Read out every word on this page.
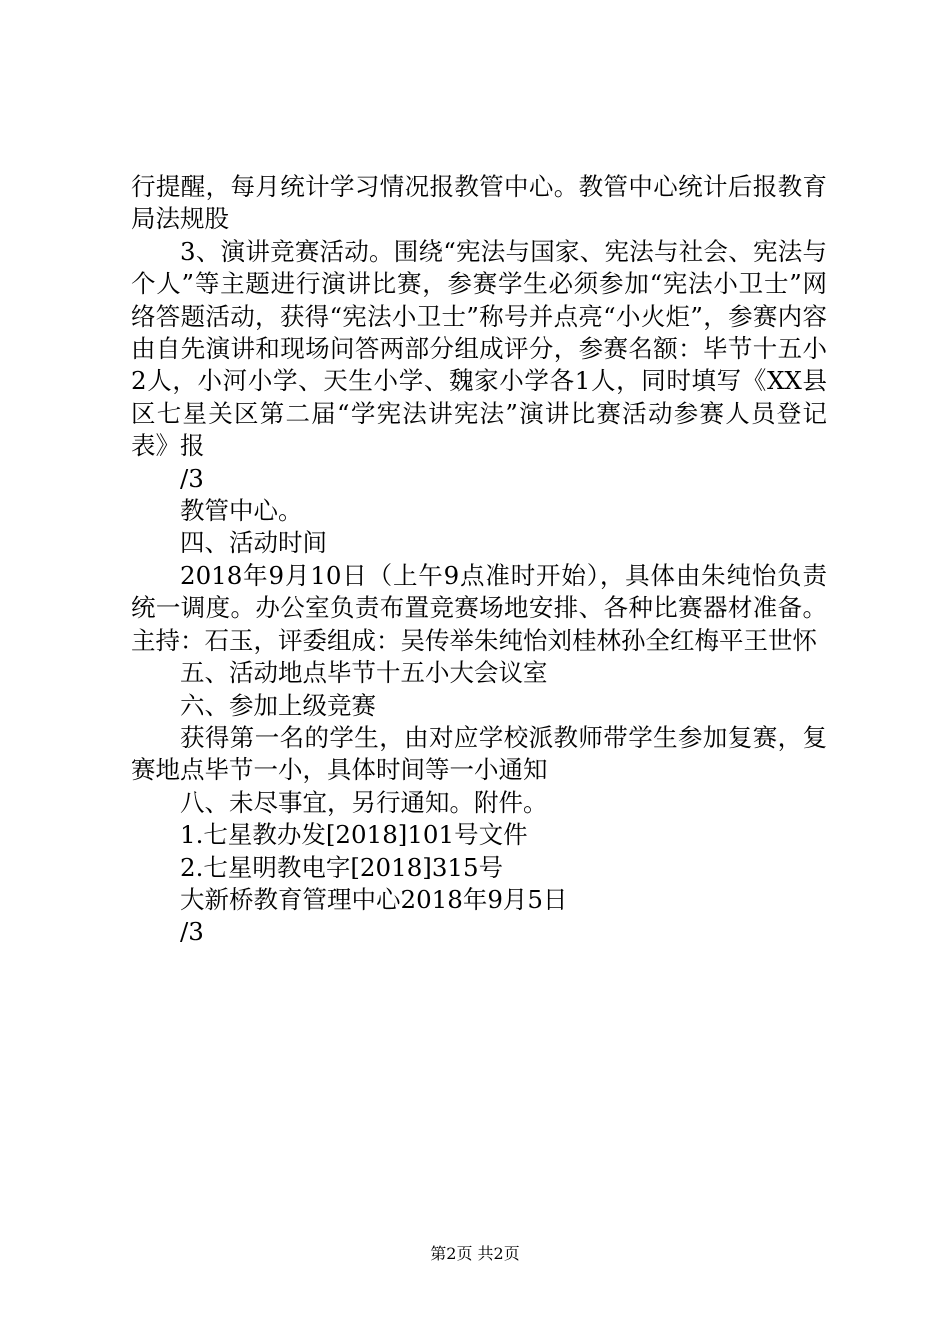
行提醒，每月统计学习情况报教管中心。教管中心统计后报教育局法规股

3、演讲竞赛活动。围绕“宪法与国家、宪法与社会、宪法与个人”等主题进行演讲比赛，参赛学生必须参加“宪法小卫士”网络答题活动，获得“宪法小卫士”称号并点亮“小火炬”，参赛内容由自先演讲和现场问答两部分组成评分，参赛名额：毕节十五小2人，小河小学、天生小学、魏家小学各1人，同时填写《XX县区七星关区第二届“学宪法讲宪法”演讲比赛活动参赛人员登记表》报

/3

教管中心。

四、活动时间

2018年9月10日（上午9点准时开始），具体由朱纯怡负责统一调度。办公室负责布置竞赛场地安排、各种比赛器材准备。主持：石玉，评委组成：吴传举朱纯怡刘桂林孙全红梅平王世怀

五、活动地点毕节十五小大会议室

六、参加上级竞赛

获得第一名的学生，由对应学校派教师带学生参加复赛，复赛地点毕节一小，具体时间等一小通知

八、未尽事宜，另行通知。附件。

1.七星教办发[2018]101号文件

2.七星明教电字[2018]315号

大新桥教育管理中心2018年9月5日

/3

第2页 共2页
